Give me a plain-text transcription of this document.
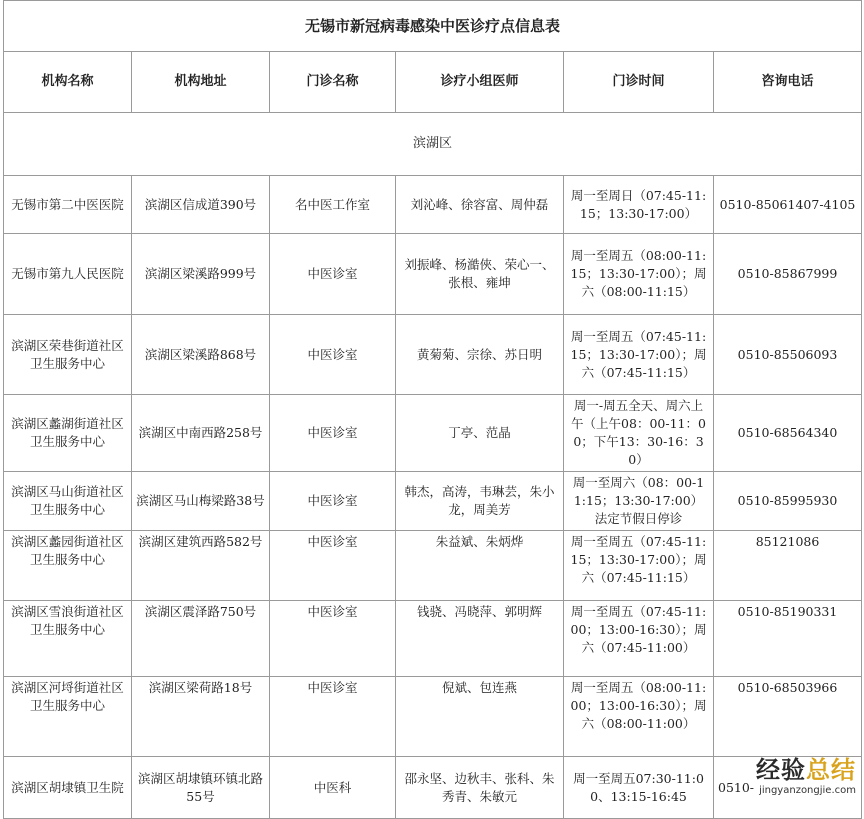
无锡市新冠病毒感染中医诊疗点信息表					
机构名称	机构地址	门诊名称	诊疗小组医师	门诊时间	咨询电话
滨湖区					
无锡市第二中医医院	滨湖区信成道390号	名中医工作室	刘沁峰、徐容富、周仲磊	周一至周日（07:45-11:15；13:30-17:00）	0510-85061407-4105
无锡市第九人民医院	滨湖区梁溪路999号	中医诊室	刘振峰、杨澔俠、荣心一、张根、雍坤	周一至周五（08:00-11:15；13:30-17:00）；周六（08:00-11:15）	0510-85867999
滨湖区荣巷街道社区卫生服务中心	滨湖区梁溪路868号	中医诊室	黄菊菊、宗徐、苏日明	周一至周五（07:45-11:15；13:30-17:00）；周六（07:45-11:15）	0510-85506093
滨湖区蠡湖街道社区卫生服务中心	滨湖区中南西路258号	中医诊室	丁亭、范晶	周一-周五全天、周六上午（上午08：00-11：00；下午13：30-16：30）	0510-68564340
滨湖区马山街道社区卫生服务中心	滨湖区马山梅梁路38号	中医诊室	韩杰，高涛，韦琳芸，朱小龙，周美芳	周一至周六（08：00-11:15；13:30-17:00）法定节假日停诊	0510-85995930
滨湖区蠡园街道社区卫生服务中心	滨湖区建筑西路582号	中医诊室	朱益斌、朱炳烨	周一至周五（07:45-11:15；13:30-17:00）；周六（07:45-11:15）	85121086
滨湖区雪浪街道社区卫生服务中心	滨湖区震泽路750号	中医诊室	钱骁、冯晓萍、郭明辉	周一至周五（07:45-11:00；13:00-16:30）；周六（07:45-11:00）	0510-85190331
滨湖区河埒街道社区卫生服务中心	滨湖区梁荷路18号	中医诊室	倪斌、包连燕	周一至周五（08:00-11:00；13:00-16:30）；周六（08:00-11:00）	0510-68503966
滨湖区胡埭镇卫生院	滨湖区胡埭镇环镇北路55号	中医科	邵永坚、边秋丰、张科、朱秀青、朱敏元	周一至周五07:30-11:00、13:15-16:45	0510-
经验总结
jingyanzongjie.com
